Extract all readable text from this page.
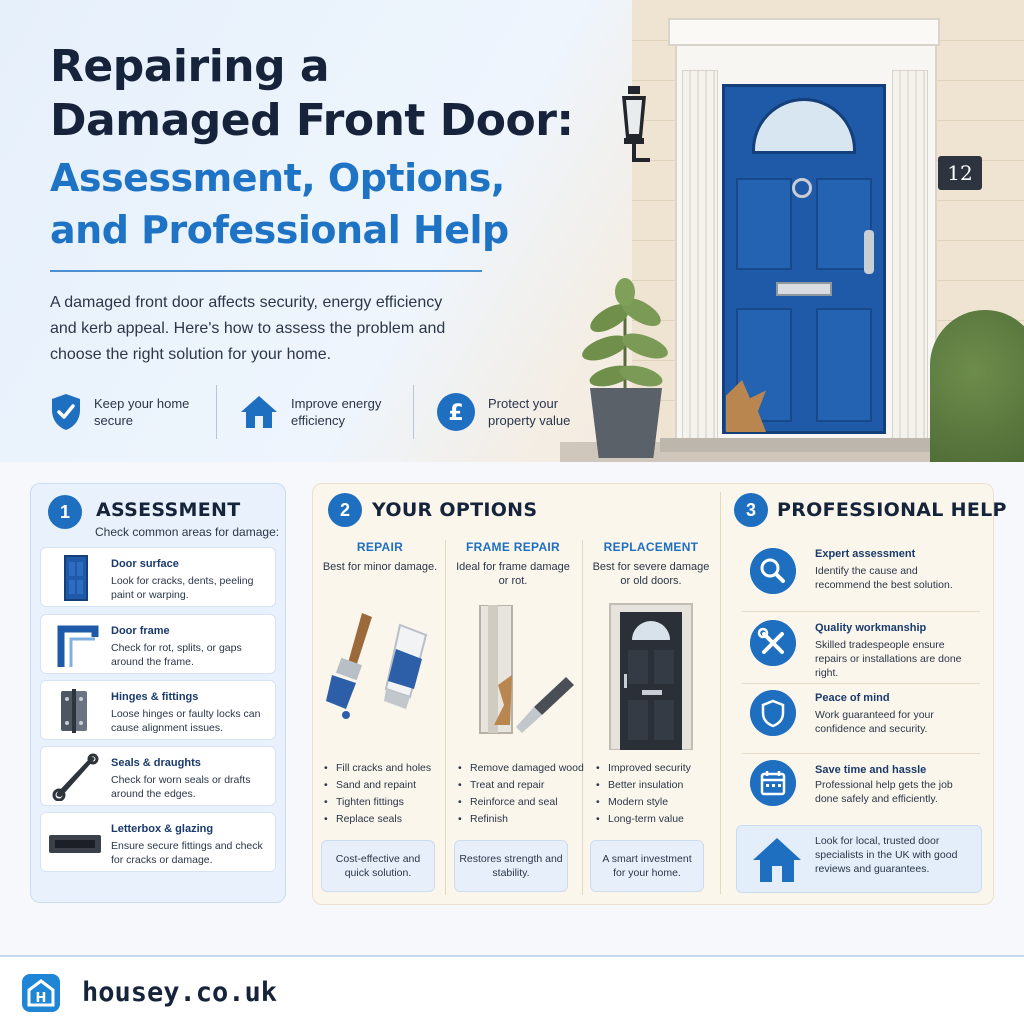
Repairing a
Damaged Front Door:
Assessment, Options,
and Professional Help

A damaged front door affects security, energy efficiency and kerb appeal. Here's how to assess the problem and choose the right solution for your home.

Keep your home secure
Improve energy efficiency	£ Protect your property value
12
1	ASSESSMENT
Check common areas for damage:
Door surface
Look for cracks, dents, peeling paint or warping.
Door frame
Check for rot, splits, or gaps around the frame.
Hinges & fittings
Loose hinges or faulty locks can cause alignment issues.
Seals & draughts
Check for worn seals or drafts around the edges.
Letterbox & glazing
Ensure secure fittings and check for cracks or damage.
2	YOUR OPTIONS
REPAIR
Best for minor damage.
• Fill cracks and holes
• Sand and repaint
• Tighten fittings
• Replace seals
Cost-effective and quick solution.
FRAME REPAIR
Ideal for frame damage or rot.
• Remove damaged wood
• Treat and repair
• Reinforce and seal
• Refinish
Restores strength and stability.
REPLACEMENT
Best for severe damage or old doors.
• Improved security
• Better insulation
• Modern style
• Long-term value
A smart investment for your home.
3	PROFESSIONAL HELP
Expert assessment
Identify the cause and recommend the best solution.
Quality workmanship
Skilled tradespeople ensure repairs or installations are done right.
Peace of mind
Work guaranteed for your confidence and security.
Save time and hassle
Professional help gets the job done safely and efficiently.
Look for local, trusted door specialists in the UK with good reviews and guarantees.
H housey.co.uk
